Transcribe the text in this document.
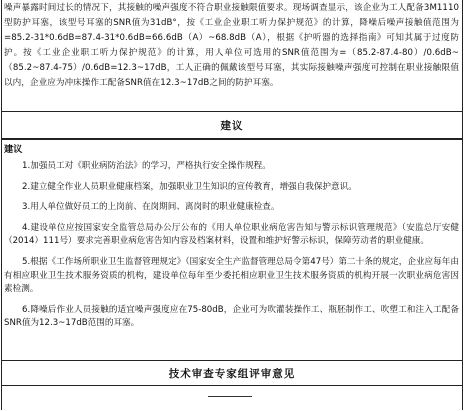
噪声暴露时间过长的情况下，其接触的噪声强度不符合职业接触限值要求。现场调查显示，该企业为工人配备3M1110型防护耳塞，该型号耳塞的SNR值为31dB°，按《工业企业职工听力保护规范》的计算，降噪后噪声接触值范围为=85.2-31*0.6dB=87.4-31*0.6dB=66.6dB（A）~68.8dB（A），根据《护听器的选择指南》可知其属于过度防护。按《工业企业职工听力保护规范》的计算，用人单位可选用的SNR值范围为=（85.2-87.4-80）/0.6dB~（85.2~87.4-75）/0.6dB=12.3~17dB，工人正确的佩戴该型号耳塞，其实际接触噪声强度可控制在职业接触限值以内，企业应为冲床操作工配备SNR值在12.3~17dB之间的防护耳塞。

建议

建议

1.加强员工对《职业病防治法》的学习，严格执行安全操作规程。

2.建立健全作业人员职业健康档案，加强职业卫生知识的宣传教育，增强自我保护意识。

3.用人单位做好员工的上岗前、在岗期间、离岗时的职业健康检查。

4.建设单位应按国家安全监管总局办公厅公布的《用人单位职业病危害告知与警示标识管理规范》（安监总厅安健（2014）111号）要求完善职业病危害告知内容及档案材料，设置和维护好警示标识，保障劳动者的职业健康。

5.根据《工作场所职业卫生监督管理规定》（国家安全生产监督管理总局令第47号）第二十条的规定，企业应每年由有相应职业卫生技术服务资质的机构，建设单位每年至少委托相应职业卫生技术服务资质的机构开展一次职业病危害因素检测。

6.降噪后作业人员接触的适宜噪声强度应在75-80dB，企业可为吹灌装操作工、瓶胚制作工、吹塑工和注入工配备SNR值为12.3~17dB范围的耳塞。

技术审查专家组评审意见
